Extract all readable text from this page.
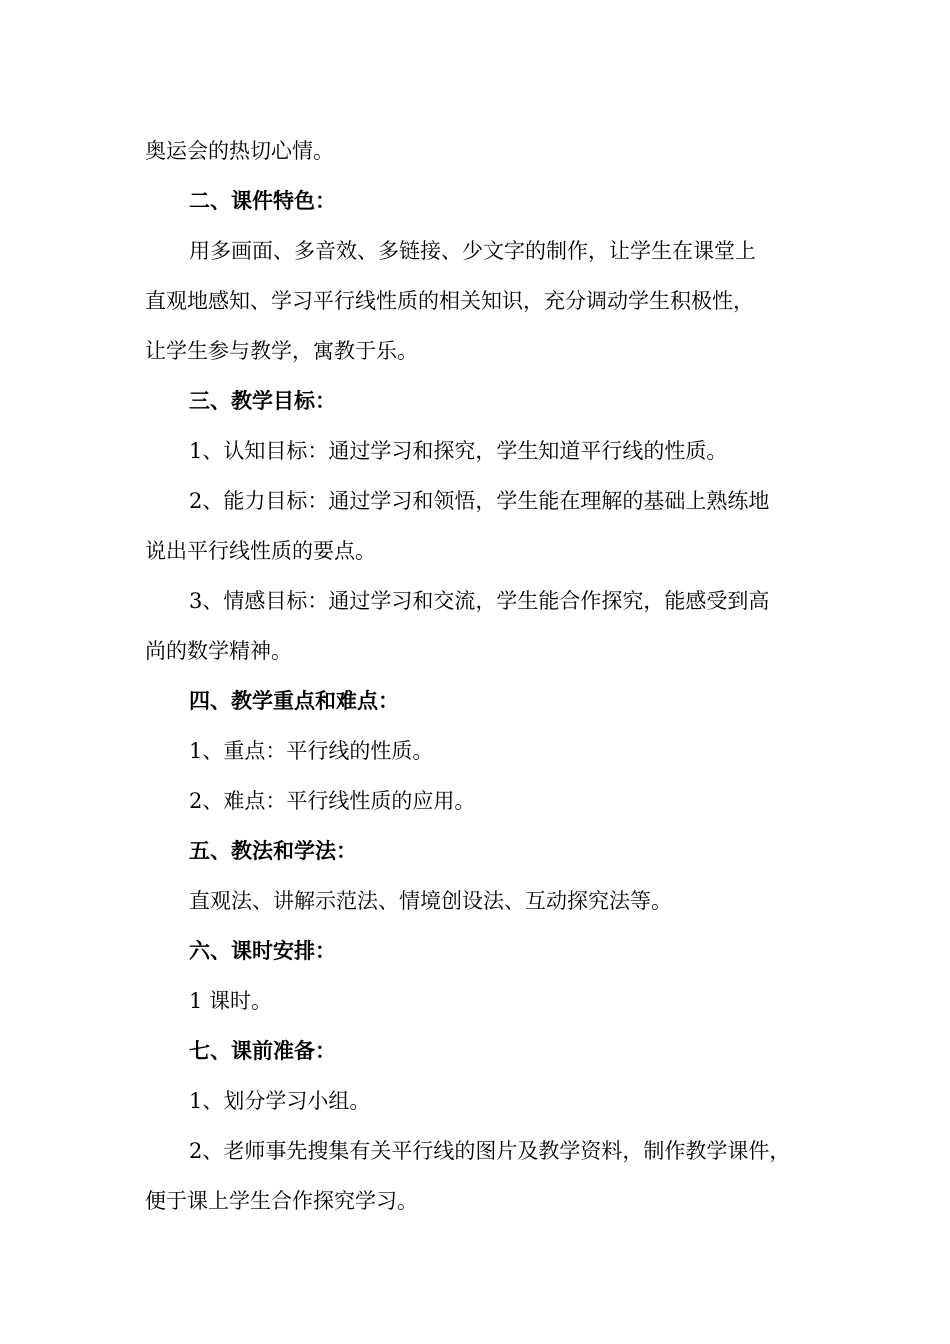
奥运会的热切心情。
二、课件特色：
用多画面、多音效、多链接、少文字的制作，让学生在课堂上
直观地感知、学习平行线性质的相关知识，充分调动学生积极性，
让学生参与教学，寓教于乐。
三、教学目标：
1、认知目标：通过学习和探究，学生知道平行线的性质。
2、能力目标：通过学习和领悟，学生能在理解的基础上熟练地
说出平行线性质的要点。
3、情感目标：通过学习和交流，学生能合作探究，能感受到高
尚的数学精神。
四、教学重点和难点：
1、重点：平行线的性质。
2、难点：平行线性质的应用。
五、教法和学法：
直观法、讲解示范法、情境创设法、互动探究法等。
六、课时安排：
1 课时。
七、课前准备：
1、划分学习小组。
2、老师事先搜集有关平行线的图片及教学资料，制作教学课件，
便于课上学生合作探究学习。
